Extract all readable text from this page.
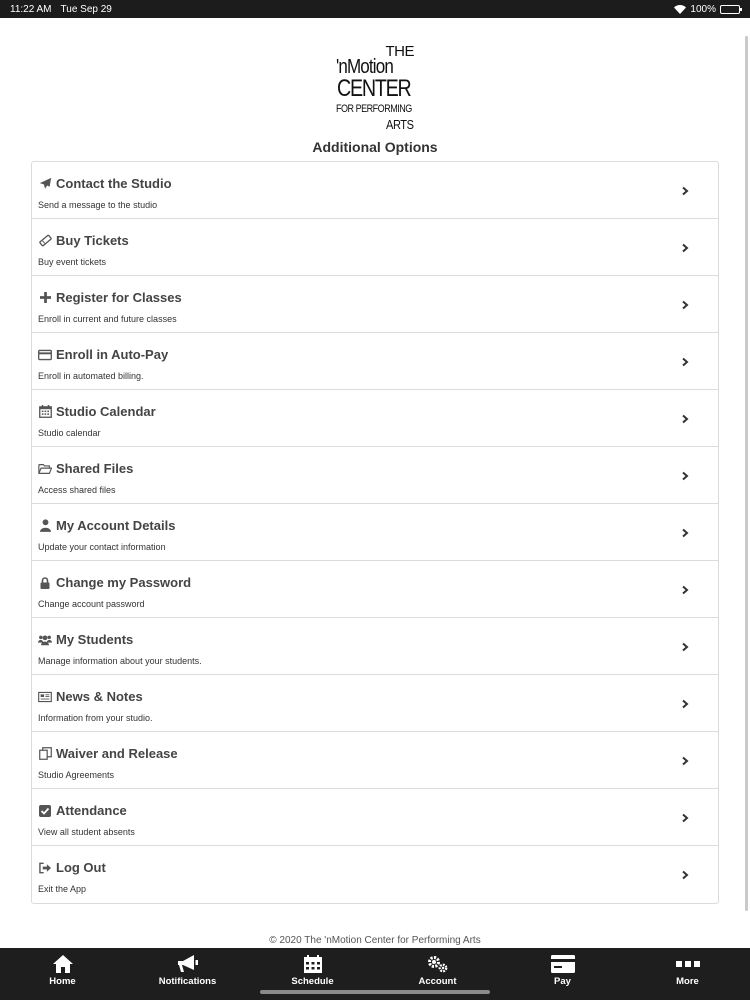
11:22 AM Tue Sep 29	100%
THE
'nMotion
CENTER
FOR PERFORMING
ARTS
Additional Options
Contact the Studio
Send a message to the studio
Buy Tickets
Buy event tickets
Register for Classes
Enroll in current and future classes
Enroll in Auto-Pay
Enroll in automated billing.
Studio Calendar
Studio calendar
Shared Files
Access shared files
My Account Details
Update your contact information
Change my Password
Change account password
My Students
Manage information about your students.
News & Notes
Information from your studio.
Waiver and Release
Studio Agreements
Attendance
View all student absents
Log Out
Exit the App
© 2020 The 'nMotion Center for Performing Arts
Home	Notifications	Schedule	Account	Pay	More
